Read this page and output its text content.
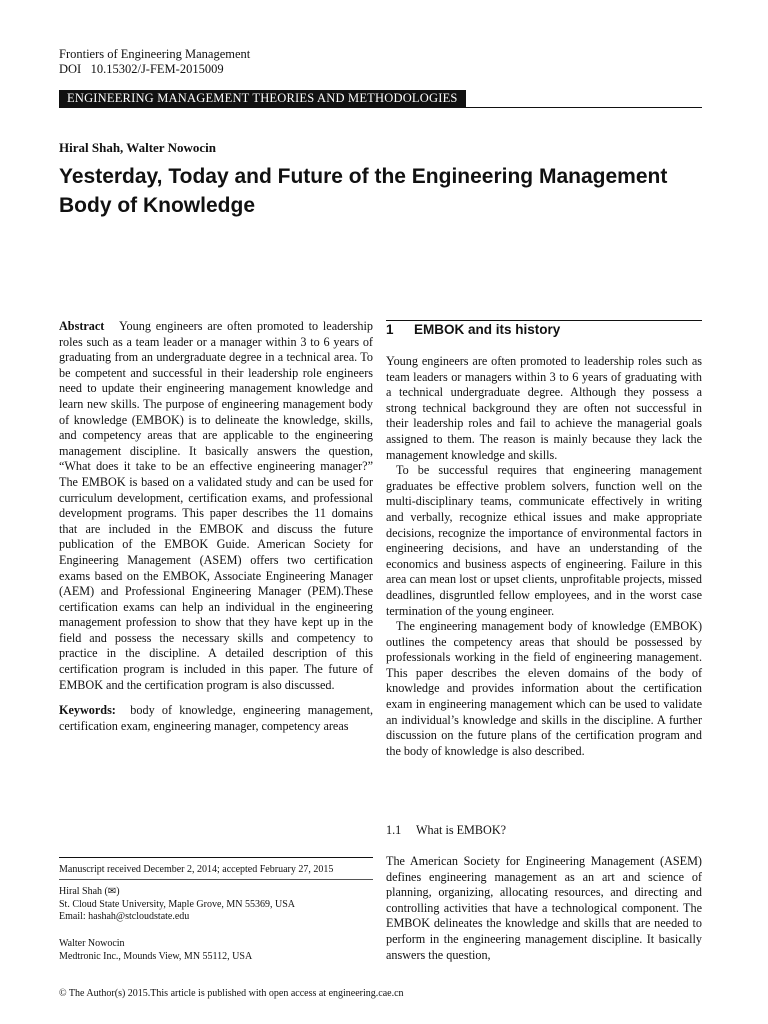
Frontiers of Engineering Management
DOI 10.15302/J-FEM-2015009
ENGINEERING MANAGEMENT THEORIES AND METHODOLOGIES
Hiral Shah, Walter Nowocin
Yesterday, Today and Future of the Engineering Management
Body of Knowledge
Abstract Young engineers are often promoted to leadership roles such as a team leader or a manager within 3 to 6 years of graduating from an undergraduate degree in a technical area. To be competent and successful in their leadership role engineers need to update their engineering management knowledge and learn new skills. The purpose of engineering management body of knowledge (EMBOK) is to delineate the knowledge, skills, and competency areas that are applicable to the engineering management discipline. It basically answers the question, “What does it take to be an effective engineering manager?” The EMBOK is based on a validated study and can be used for curriculum development, certification exams, and professional development programs. This paper describes the 11 domains that are included in the EMBOK and discuss the future publication of the EMBOK Guide. American Society for Engineering Management (ASEM) offers two certification exams based on the EMBOK, Associate Engineering Manager (AEM) and Professional Engineering Manager (PEM).These certification exams can help an individual in the engineering management profession to show that they have kept up in the field and possess the necessary skills and competency to practice in the discipline. A detailed description of this certification program is included in this paper. The future of EMBOK and the certification program is also discussed.
Keywords: body of knowledge, engineering management, certification exam, engineering manager, competency areas
1 EMBOK and its history

Young engineers are often promoted to leadership roles such as team leaders or managers within 3 to 6 years of graduating with a technical undergraduate degree. Although they possess a strong technical background they are often not successful in their leadership roles and fail to achieve the managerial goals assigned to them. The reason is mainly because they lack the management knowledge and skills.

To be successful requires that engineering management graduates be effective problem solvers, function well on the multi-disciplinary teams, communicate effectively in writing and verbally, recognize ethical issues and make appropriate decisions, recognize the importance of environmental factors in engineering decisions, and have an understanding of the economics and business aspects of engineering. Failure in this area can mean lost or upset clients, unprofitable projects, missed deadlines, disgruntled fellow employees, and in the worst case termination of the young engineer.

The engineering management body of knowledge (EMBOK) outlines the competency areas that should be possessed by professionals working in the field of engineering management. This paper describes the eleven domains of the body of knowledge and provides information about the certification exam in engineering management which can be used to validate an individual’s knowledge and skills in the discipline. A further discussion on the future plans of the certification program and the body of knowledge is also described.

1.1 What is EMBOK?
The American Society for Engineering Management (ASEM) defines engineering management as an art and science of planning, organizing, allocating resources, and directing and controlling activities that have a technological component. The EMBOK delineates the knowledge and skills that are needed to perform in the engineering management discipline. It basically answers the question,
Manuscript received December 2, 2014; accepted February 27, 2015
Hiral Shah (✉)
St. Cloud State University, Maple Grove, MN 55369, USA
Email: hashah@stcloudstate.edu
Walter Nowocin
Medtronic Inc., Mounds View, MN 55112, USA
© The Author(s) 2015.This article is published with open access at engineering.cae.cn
